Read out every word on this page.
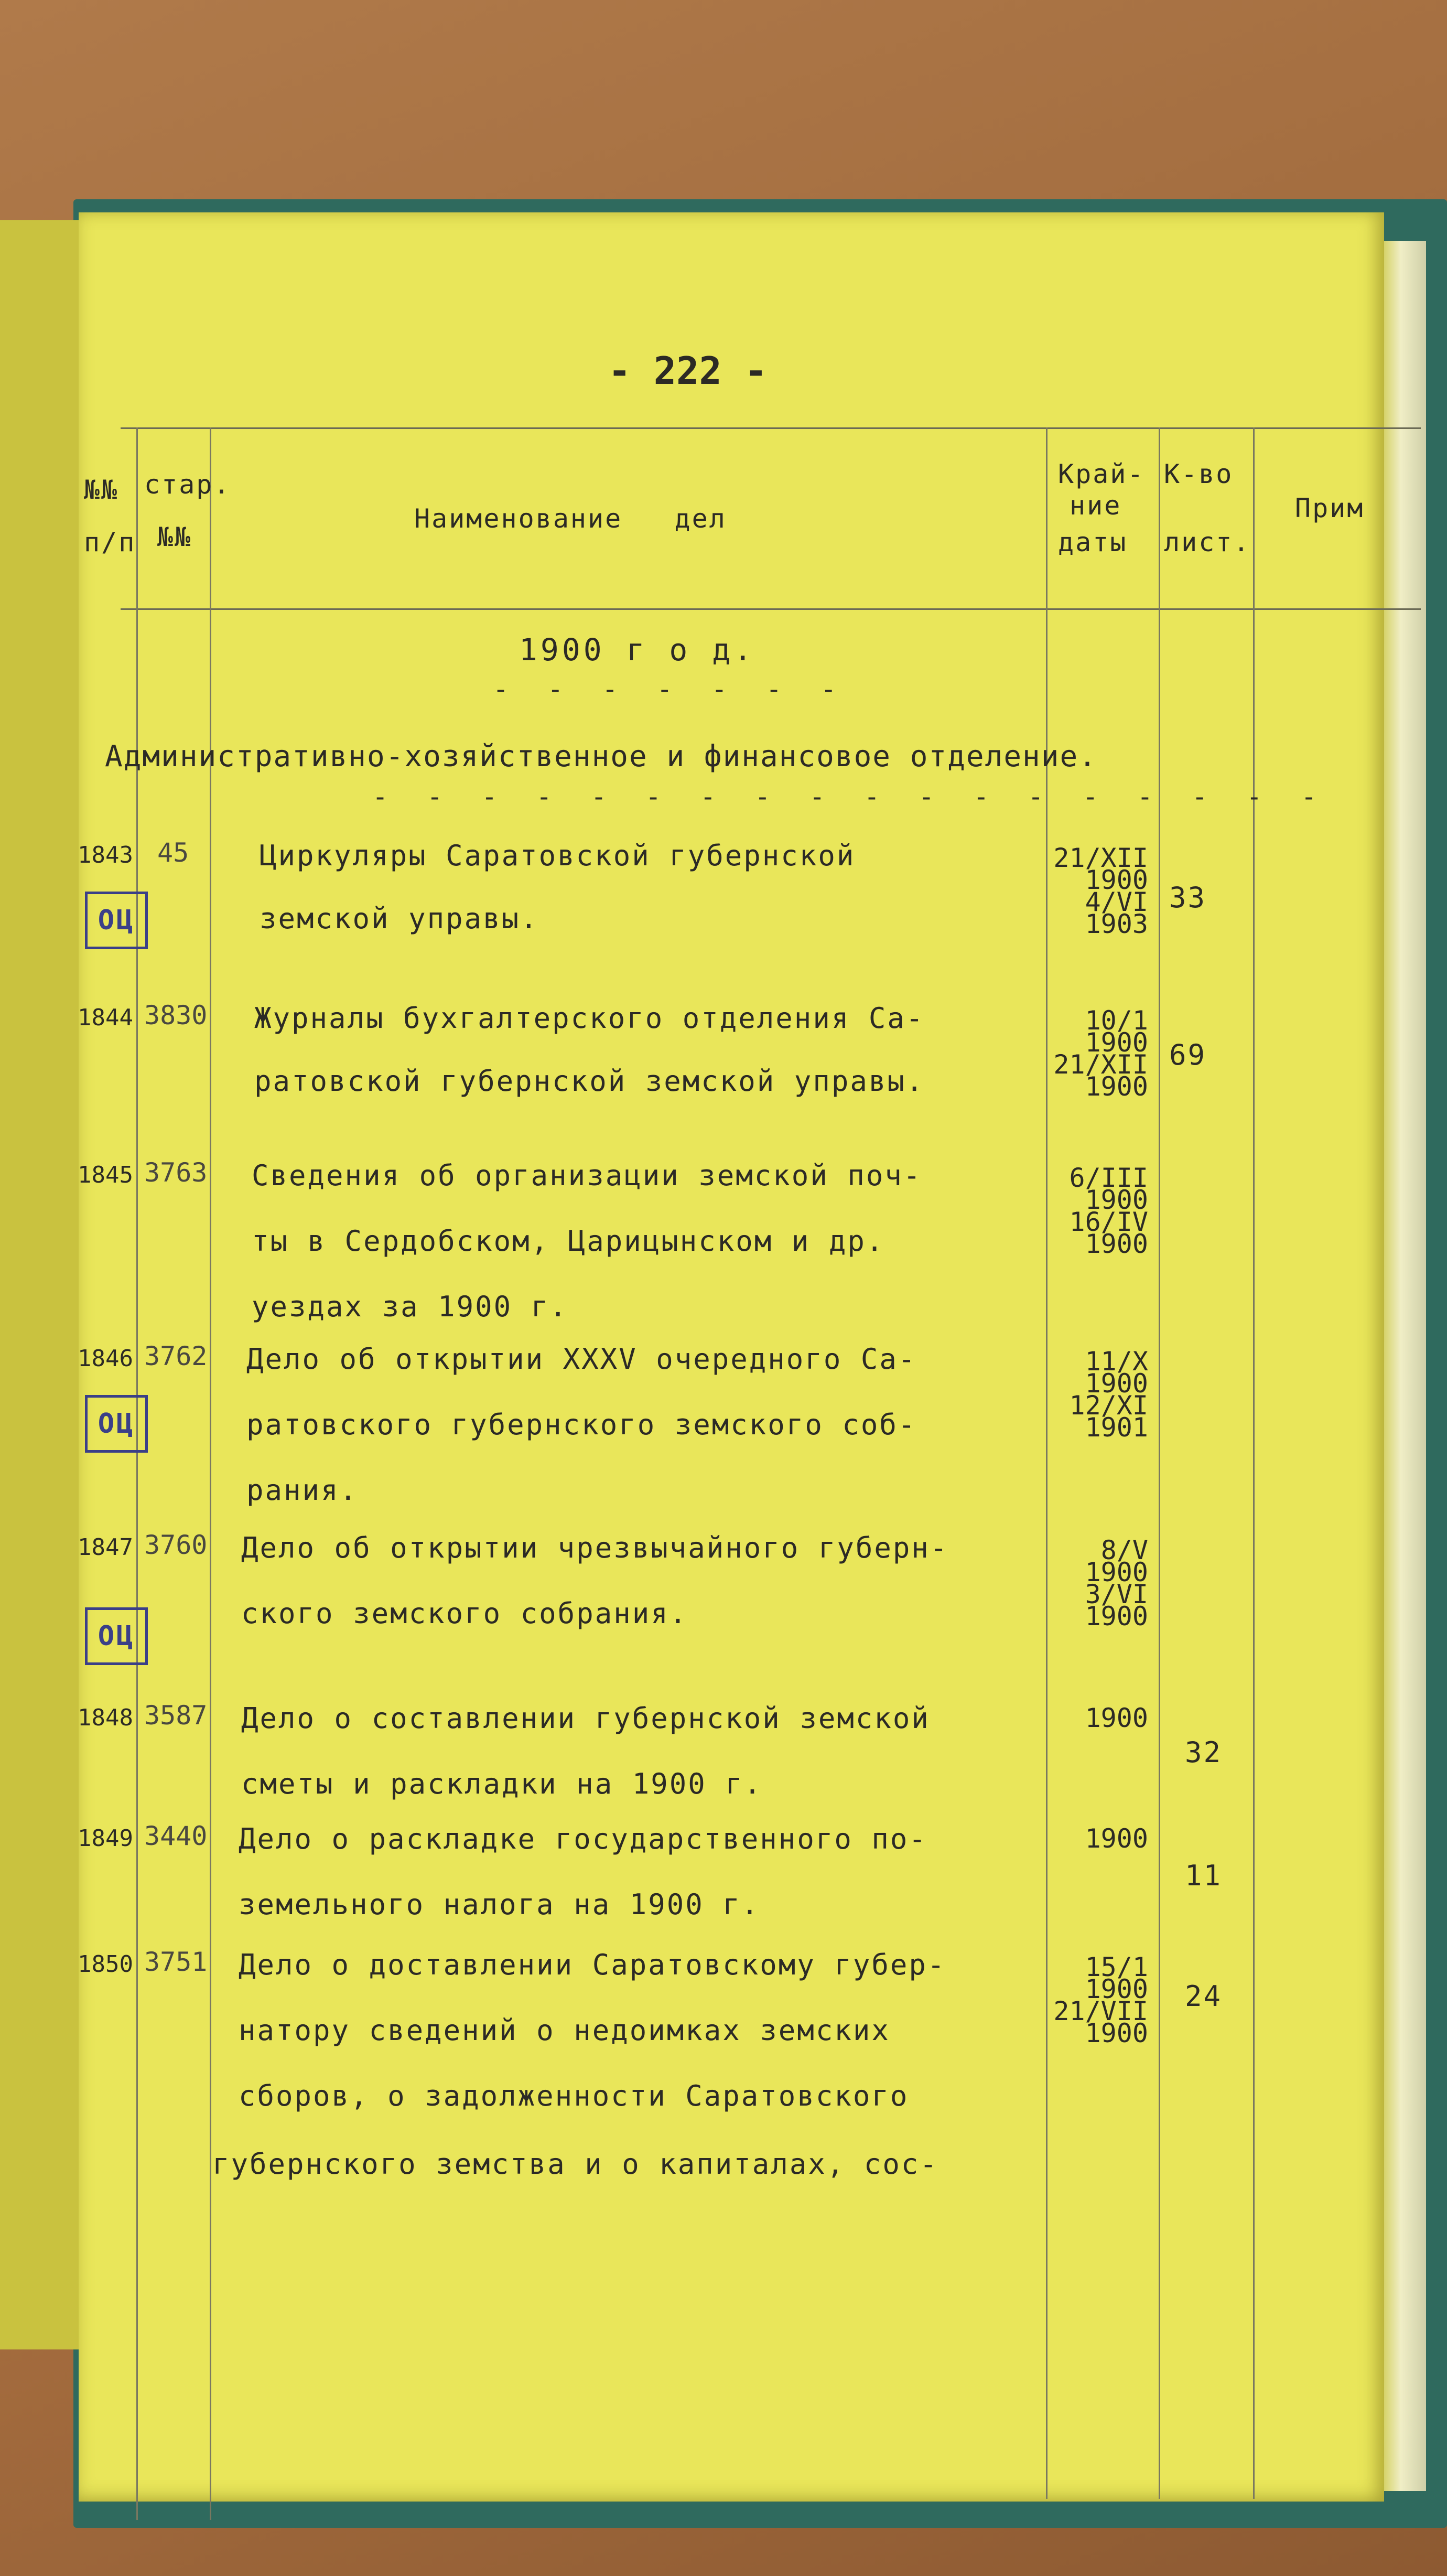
- 222 -
№№
п/п
стар.
№№
Наименование   дел
Край-
ние
даты
К-во
лист.
Прим
1900 г о д.
- - - - - - -
Административно-хозяйственное и финансовое отделение.
- - - - - - - - - - - - - - - - - -
1843 45
ОЦ
Циркуляры Саратовской губернской
земской управы.
21/XII
1900
4/VI
1903
33
1844 3830 Журналы бухгалтерского отделения Са-
ратовской губернской земской управы.
10/1
1900
21/XII
1900
69
1845 3763 Сведения об организации земской поч-
ты в Сердобском, Царицынском и др.
уездах за 1900 г.
6/III
1900
16/IV
1900
1846 3762
ОЦ
Дело об открытии XXXV очередного Са-
ратовского губернского земского соб-
рания.
11/X
1900
12/XI
1901
1847 3760
ОЦ
Дело об открытии чрезвычайного губерн-
ского земского собрания.
8/V
1900
3/VI
1900
1848 3587 Дело о составлении губернской земской
сметы и раскладки на 1900 г.
1900
32
1849 3440 Дело о раскладке государственного по-
земельного налога на 1900 г.
1900
11
1850 3751 Дело о доставлении Саратовскому губер-
натору сведений о недоимках земских
сборов, о задолженности Саратовского
губернского земства и о капиталах, сос-
15/1
1900
21/VII
1900
24
